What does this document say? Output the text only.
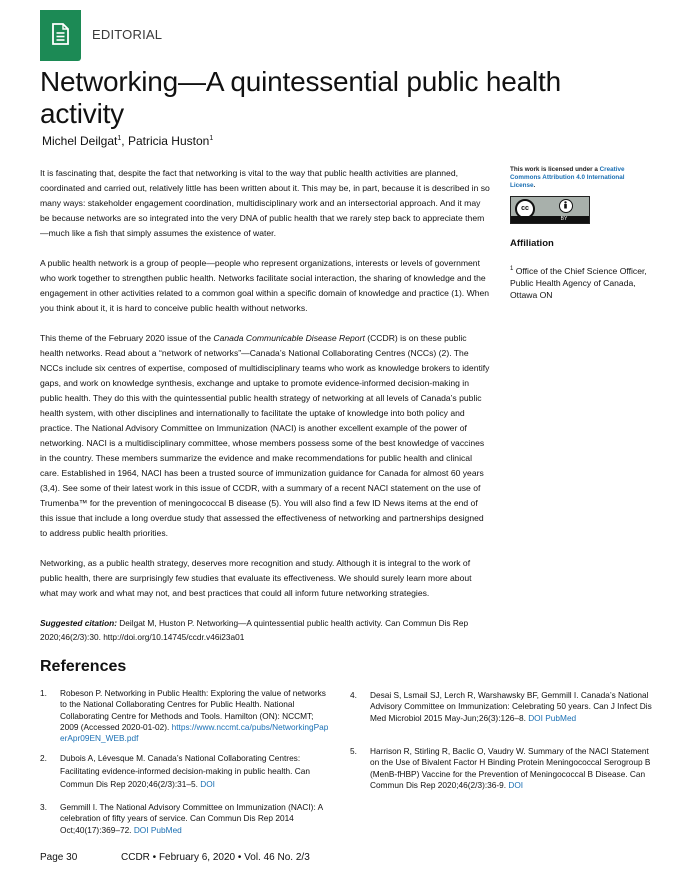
EDITORIAL
Networking—A quintessential public health activity
Michel Deilgat$^1$, Patricia Huston$^1$

It is fascinating that, despite the fact that networking is vital to the way that public health activities are planned, coordinated and carried out, relatively little has been written about it. This may be, in part, because it is described in so many ways: stakeholder engagement coordination, multidisciplinary work and an intersectorial approach. And it may be because networks are so integrated into the very DNA of public health that we rarely step back to appreciate them—much like a fish that simply assumes the existence of water.

A public health network is a group of people—people who represent organizations, interests or levels of government who work together to strengthen public health. Networks facilitate social interaction, the sharing of knowledge and the engagement in other activities related to a common goal within a specific domain of knowledge and practice (1). When you think about it, it is hard to conceive public health without networks.

This theme of the February 2020 issue of the Canada Communicable Disease Report (CCDR) is on these public health networks. Read about a “network of networks”—Canada’s National Collaborating Centres (NCCs) (2). The NCCs include six centres of expertise, composed of multidisciplinary teams who work as knowledge brokers to identify gaps, and work on knowledge synthesis, exchange and uptake to promote evidence-informed decision-making in public health. They do this with the quintessential public health strategy of networking at all levels of Canada’s public health system, with other disciplines and internationally to facilitate the uptake of knowledge into both policy and practice. The National Advisory Committee on Immunization (NACI) is another excellent example of the power of networking. NACI is a multidisciplinary committee, whose members possess some of the best knowledge of vaccines in the country. These members summarize the evidence and make recommendations for public health and clinical care. Established in 1964, NACI has been a trusted source of immunization guidance for Canada for almost 60 years (3,4). See some of their latest work in this issue of CCDR, with a summary of a recent NACI statement on the use of Trumenba™ for the prevention of meningococcal B disease (5). You will also find a few ID News items at the end of this issue that include a long overdue study that assessed the effectiveness of networking and partnerships designed to address public health priorities.

Networking, as a public health strategy, deserves more recognition and study. Although it is integral to the work of public health, there are surprisingly few studies that evaluate its effectiveness. We should surely learn more about what may work and what may not, and best practices that could all inform future networking strategies.

Suggested citation: Deilgat M, Huston P. Networking—A quintessential public health activity. Can Commun Dis Rep 2020;46(2/3):30. http://doi.org/10.14745/ccdr.v46i23a01

This work is licensed under a Creative Commons Attribution 4.0 International License.
cc
BY
Affiliation
$^1$ Office of the Chief Science Officer, Public Health Agency of Canada, Ottawa ON
References
1. Robeson P. Networking in Public Health: Exploring the value of networks to the National Collaborating Centres for Public Health. National Collaborating Centre for Methods and Tools. Hamilton (ON): NCCMT; 2009 (Accessed 2020-01-02). https://www.nccmt.ca/pubs/NetworkingPaperApr09EN_WEB.pdf
2. Dubois A, Lévesque M. Canada’s National Collaborating Centres: Facilitating evidence-informed decision-making in public health. Can Commun Dis Rep 2020;46(2/3):31–5. DOI
3. Gemmill I. The National Advisory Committee on Immunization (NACI): A celebration of fifty years of service. Can Commun Dis Rep 2014 Oct;40(17):369–72. DOI PubMed
4. Desai S, Lsmail SJ, Lerch R, Warshawsky BF, Gemmill I. Canada’s National Advisory Committee on Immunization: Celebrating 50 years. Can J Infect Dis Med Microbiol 2015 May-Jun;26(3):126–8. DOI PubMed
5. Harrison R, Stirling R, Baclic O, Vaudry W. Summary of the NACI Statement on the Use of Bivalent Factor H Binding Protein Meningococcal Serogroup B (MenB-fHBP) Vaccine for the Prevention of Meningococcal B Disease. Can Commun Dis Rep 2020;46(2/3):36-9. DOI
Page 30	CCDR • February 6, 2020 • Vol. 46 No. 2/3
